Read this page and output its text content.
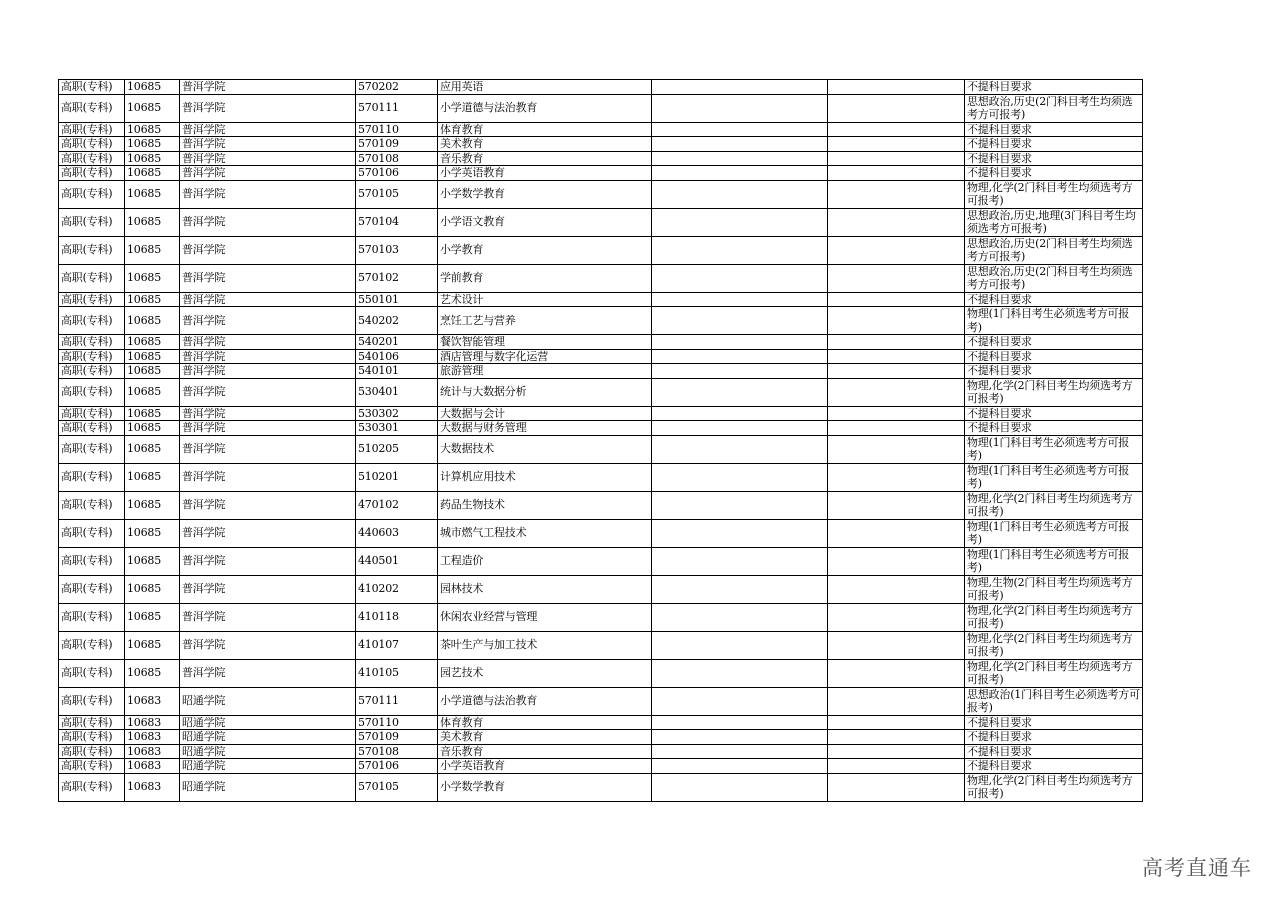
高职(专科)	10685	普洱学院	570202	应用英语			不提科目要求
高职(专科)	10685	普洱学院	570111	小学道德与法治教育			思想政治,历史(2门科目考生均须选考方可报考)
高职(专科)	10685	普洱学院	570110	体育教育			不提科目要求
高职(专科)	10685	普洱学院	570109	美术教育			不提科目要求
高职(专科)	10685	普洱学院	570108	音乐教育			不提科目要求
高职(专科)	10685	普洱学院	570106	小学英语教育			不提科目要求
高职(专科)	10685	普洱学院	570105	小学数学教育			物理,化学(2门科目考生均须选考方可报考)
高职(专科)	10685	普洱学院	570104	小学语文教育			思想政治,历史,地理(3门科目考生均须选考方可报考)
高职(专科)	10685	普洱学院	570103	小学教育			思想政治,历史(2门科目考生均须选考方可报考)
高职(专科)	10685	普洱学院	570102	学前教育			思想政治,历史(2门科目考生均须选考方可报考)
高职(专科)	10685	普洱学院	550101	艺术设计			不提科目要求
高职(专科)	10685	普洱学院	540202	烹饪工艺与营养			物理(1门科目考生必须选考方可报考)
高职(专科)	10685	普洱学院	540201	餐饮智能管理			不提科目要求
高职(专科)	10685	普洱学院	540106	酒店管理与数字化运营			不提科目要求
高职(专科)	10685	普洱学院	540101	旅游管理			不提科目要求
高职(专科)	10685	普洱学院	530401	统计与大数据分析			物理,化学(2门科目考生均须选考方可报考)
高职(专科)	10685	普洱学院	530302	大数据与会计			不提科目要求
高职(专科)	10685	普洱学院	530301	大数据与财务管理			不提科目要求
高职(专科)	10685	普洱学院	510205	大数据技术			物理(1门科目考生必须选考方可报考)
高职(专科)	10685	普洱学院	510201	计算机应用技术			物理(1门科目考生必须选考方可报考)
高职(专科)	10685	普洱学院	470102	药品生物技术			物理,化学(2门科目考生均须选考方可报考)
高职(专科)	10685	普洱学院	440603	城市燃气工程技术			物理(1门科目考生必须选考方可报考)
高职(专科)	10685	普洱学院	440501	工程造价			物理(1门科目考生必须选考方可报考)
高职(专科)	10685	普洱学院	410202	园林技术			物理,生物(2门科目考生均须选考方可报考)
高职(专科)	10685	普洱学院	410118	休闲农业经营与管理			物理,化学(2门科目考生均须选考方可报考)
高职(专科)	10685	普洱学院	410107	茶叶生产与加工技术			物理,化学(2门科目考生均须选考方可报考)
高职(专科)	10685	普洱学院	410105	园艺技术			物理,化学(2门科目考生均须选考方可报考)
高职(专科)	10683	昭通学院	570111	小学道德与法治教育			思想政治(1门科目考生必须选考方可报考)
高职(专科)	10683	昭通学院	570110	体育教育			不提科目要求
高职(专科)	10683	昭通学院	570109	美术教育			不提科目要求
高职(专科)	10683	昭通学院	570108	音乐教育			不提科目要求
高职(专科)	10683	昭通学院	570106	小学英语教育			不提科目要求
高职(专科)	10683	昭通学院	570105	小学数学教育			物理,化学(2门科目考生均须选考方可报考)
高考直通车
